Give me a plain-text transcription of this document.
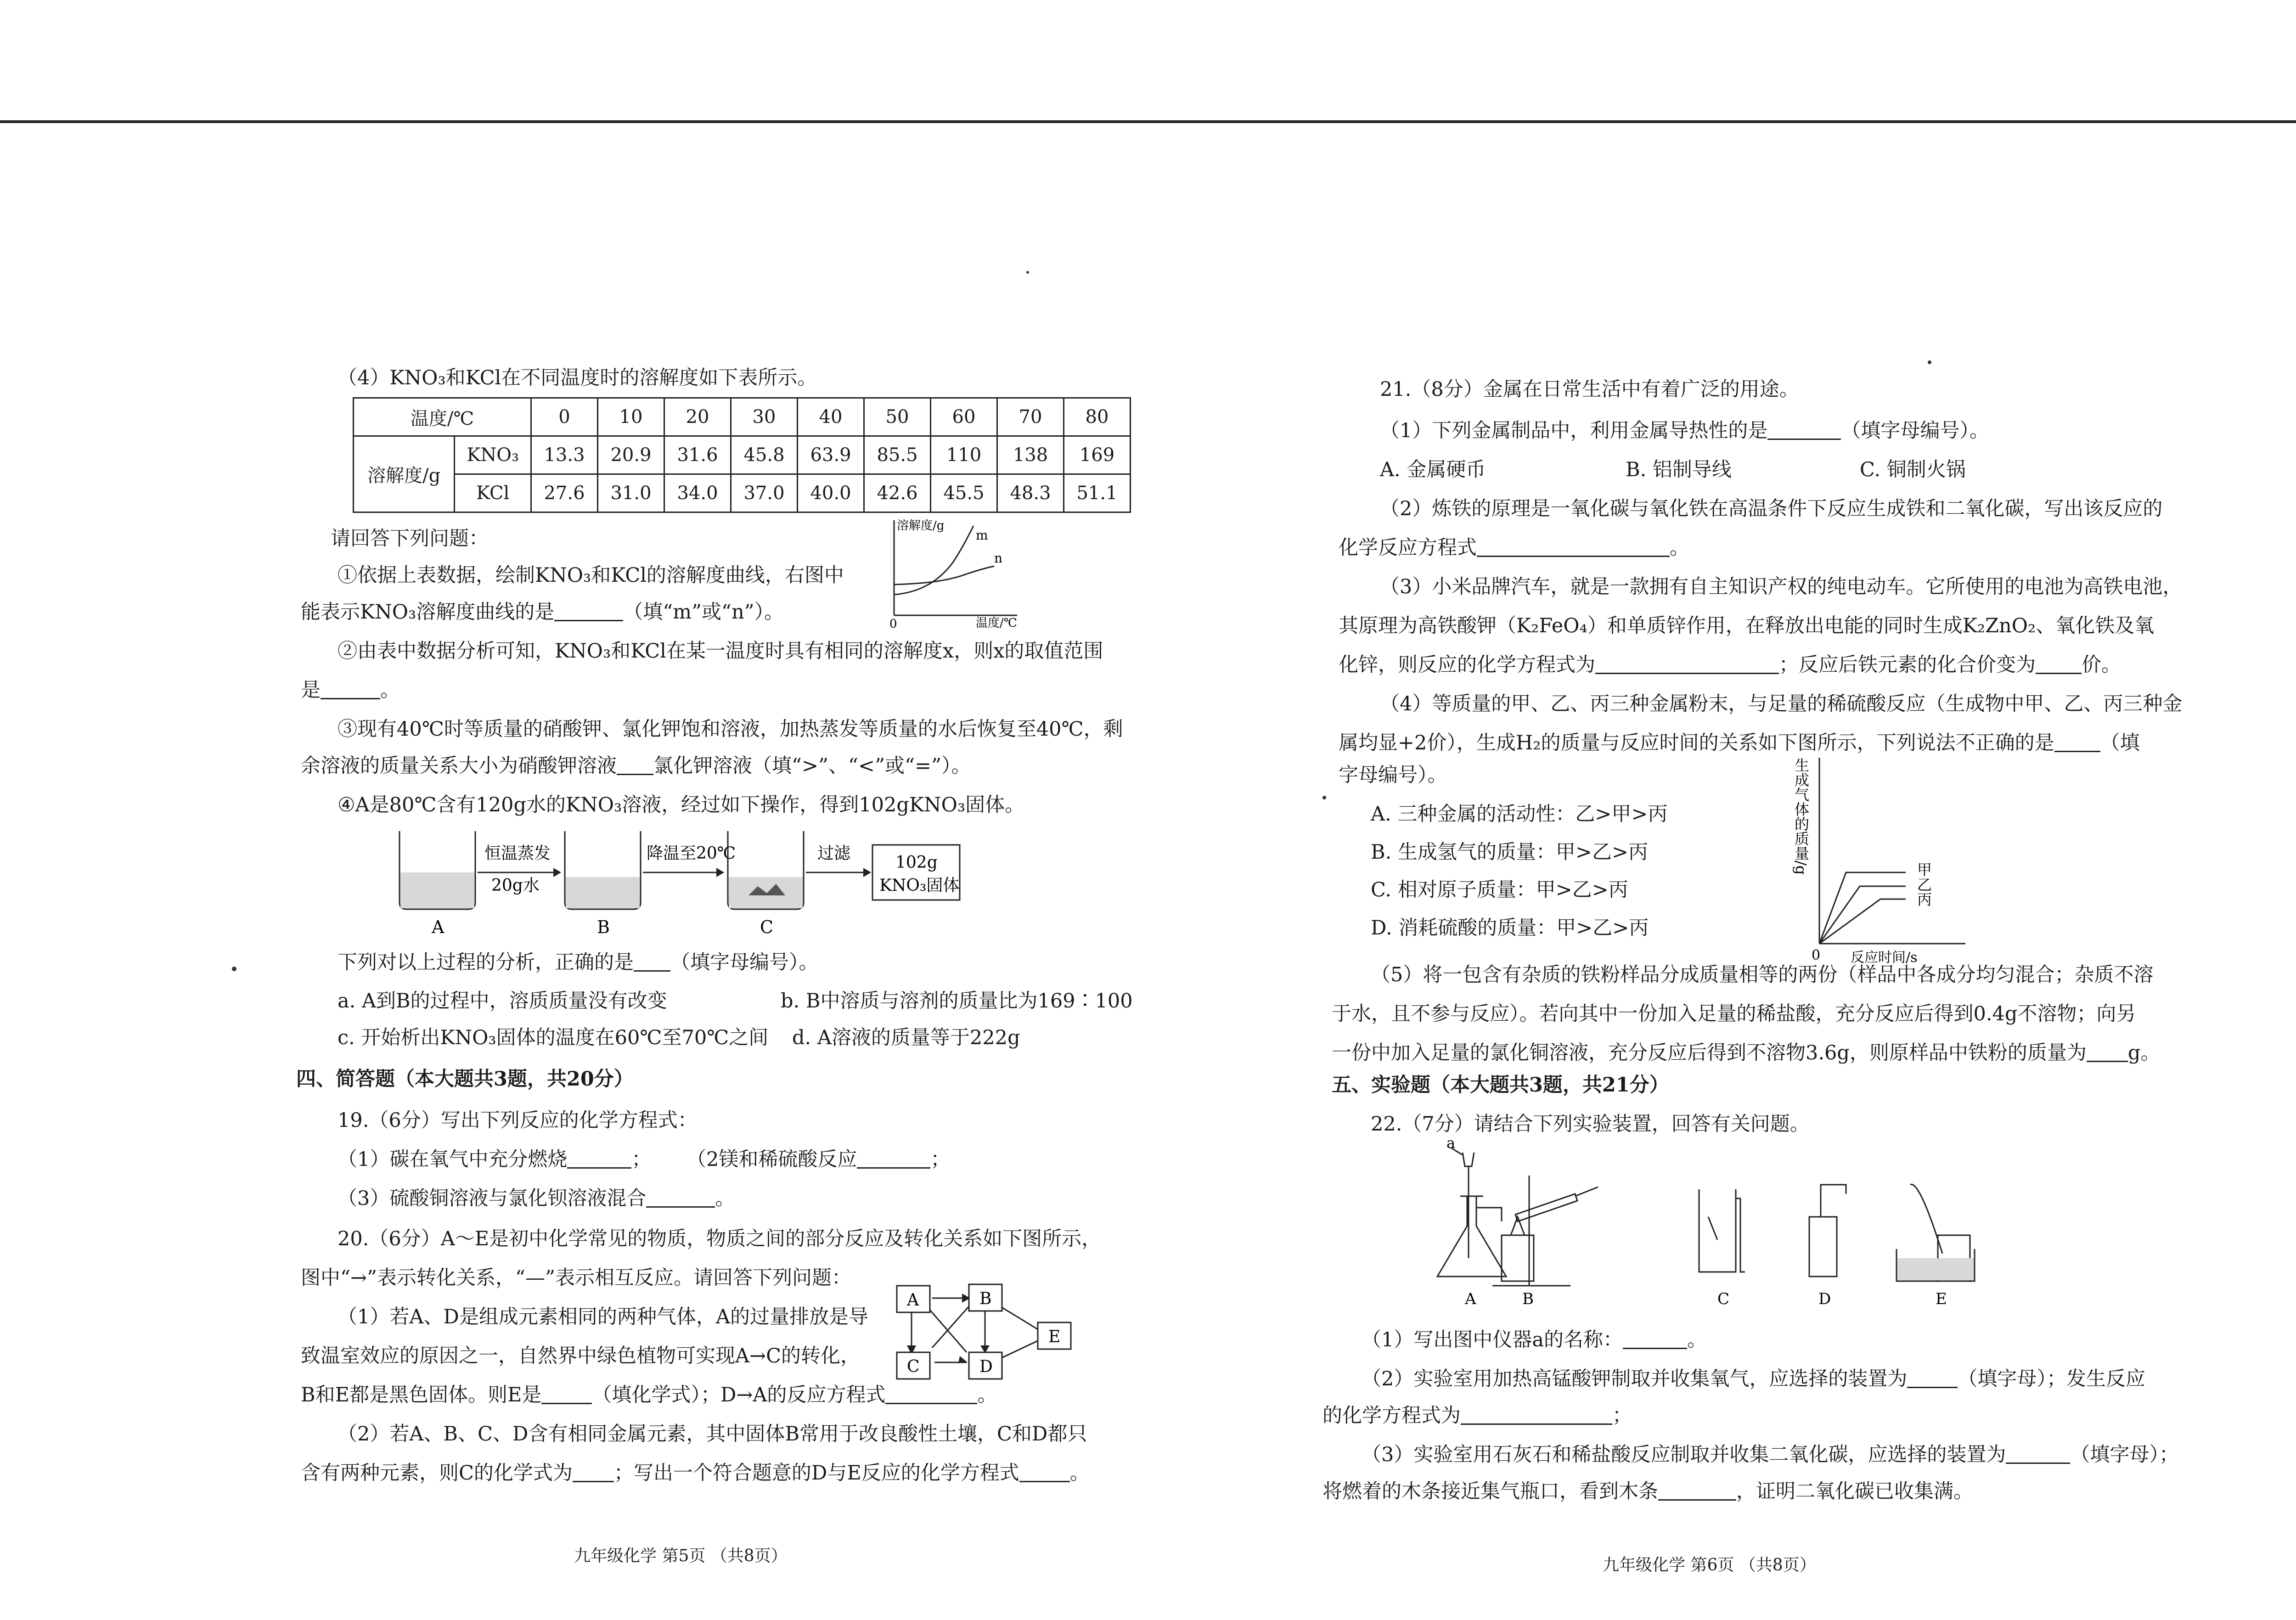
（4）KNO₃和KCl在不同温度时的溶解度如下表所示。
温度/℃		0	10	20	30	40	50	60	70	80
溶解度/g	KNO₃	13.3	20.9	31.6	45.8	63.9	85.5	110	138	169
	KCl	27.6	31.0	34.0	37.0	40.0	42.6	45.5	48.3	51.1
请回答下列问题：
①依据上表数据，绘制KNO₃和KCl的溶解度曲线，右图中
能表示KNO₃溶解度曲线的是	（填“m”或“n”）。
溶解度/g
温度/℃
0
m
n
②由表中数据分析可知，KNO₃和KCl在某一温度时具有相同的溶解度x，则x的取值范围
是	。
③现有40℃时等质量的硝酸钾、氯化钾饱和溶液，加热蒸发等质量的水后恢复至40℃，剩
余溶液的质量关系大小为硝酸钾溶液 氯化钾溶液（填“>”、“<”或“=”）。
④A是80℃含有120g水的KNO₃溶液，经过如下操作，得到102gKNO₃固体。
102g
KNO₃固体
恒温蒸发
20g水
降温至20℃	过滤
A	B	C
下列对以上过程的分析，正确的是 （填字母编号）。
a. A到B的过程中，溶质质量没有改变	b. B中溶质与溶剂的质量比为169∶100
c. 开始析出KNO₃固体的温度在60℃至70℃之间 d. A溶液的质量等于222g
四、简答题（本大题共3题，共20分）
19.（6分）写出下列反应的化学方程式：
（1）碳在氧气中充分燃烧	； （2镁和稀硫酸反应	；
（3）硫酸铜溶液与氯化钡溶液混合	。
20.（6分）A～E是初中化学常见的物质，物质之间的部分反应及转化关系如下图所示，
图中“→”表示转化关系，“—”表示相互反应。请回答下列问题：
A	B
C	D
E
（1）若A、D是组成元素相同的两种气体，A的过量排放是导
致温室效应的原因之一，自然界中绿色植物可实现A→C的转化，
B和E都是黑色固体。则E是	（填化学式）；D→A的反应方程式	。
（2）若A、B、C、D含有相同金属元素，其中固体B常用于改良酸性土壤，C和D都只
含有两种元素，则C的化学式为 ；写出一个符合题意的D与E反应的化学方程式	。
九年级化学 第5页 （共8页）
21.（8分）金属在日常生活中有着广泛的用途。
（1）下列金属制品中，利用金属导热性的是	（填字母编号）。
A. 金属硬币	B. 铝制导线	C. 铜制火锅
（2）炼铁的原理是一氧化碳与氧化铁在高温条件下反应生成铁和二氧化碳，写出该反应的
化学反应方程式	。
（3）小米品牌汽车，就是一款拥有自主知识产权的纯电动车。它所使用的电池为高铁电池，
其原理为高铁酸钾（K₂FeO₄）和单质锌作用，在释放出电能的同时生成K₂ZnO₂、氧化铁及氧
化锌，则反应的化学方程式为	；反应后铁元素的化合价变为 价。
（4）等质量的甲、乙、丙三种金属粉末，与足量的稀硫酸反应（生成物中甲、乙、丙三种金
属均显+2价），生成H₂的质量与反应时间的关系如下图所示，下列说法不正确的是 （填
字母编号）。
A. 三种金属的活动性：乙>甲>丙
B. 生成氢气的质量：甲>乙>丙
C. 相对原子质量：甲>乙>丙
D. 消耗硫酸的质量：甲>乙>丙
甲
乙
丙
0 反应时间/s
生成气体的质量/g
（5）将一包含有杂质的铁粉样品分成质量相等的两份（样品中各成分均匀混合；杂质不溶
于水，且不参与反应）。若向其中一份加入足量的稀盐酸，充分反应后得到0.4g不溶物；向另
一份中加入足量的氯化铜溶液，充分反应后得到不溶物3.6g，则原样品中铁粉的质量为 g。
五、实验题（本大题共3题，共21分）
22.（7分）请结合下列实验装置，回答有关问题。
a
A	B	C	D	E
（1）写出图中仪器a的名称：	。
（2）实验室用加热高锰酸钾制取并收集氧气，应选择的装置为	（填字母）；发生反应
的化学方程式为	；
（3）实验室用石灰石和稀盐酸反应制取并收集二氧化碳，应选择的装置为	（填字母）；
将燃着的木条接近集气瓶口，看到木条	，证明二氧化碳已收集满。
九年级化学 第6页 （共8页）
